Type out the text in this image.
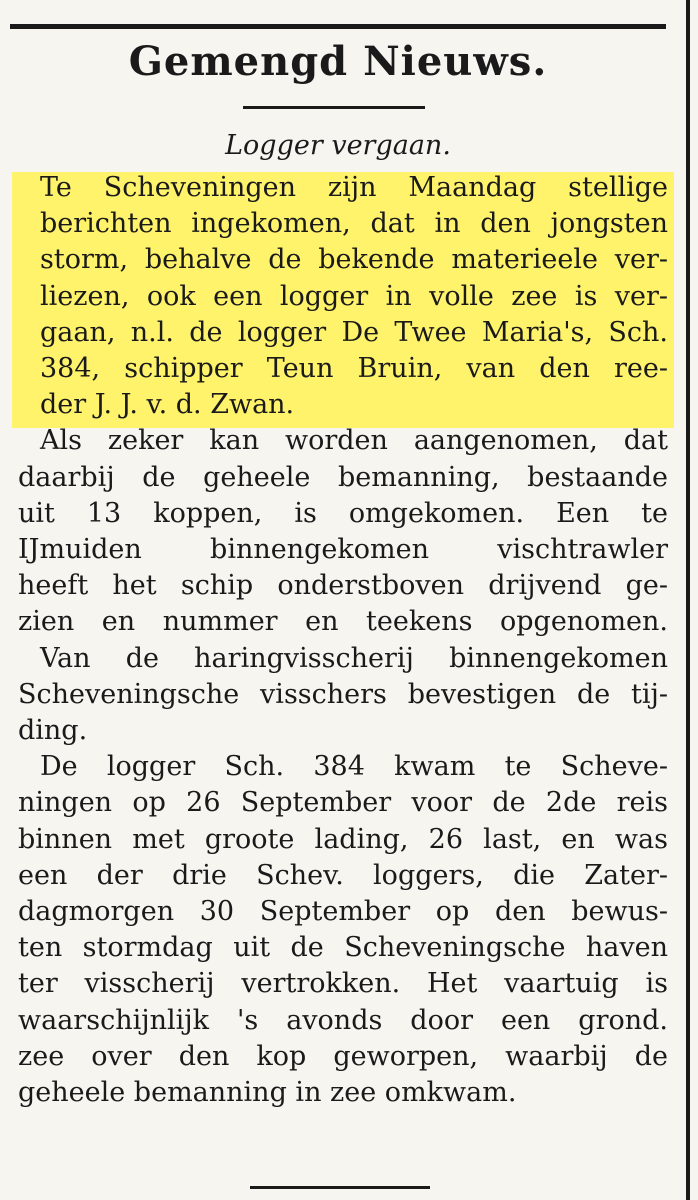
Gemengd Nieuws.
Logger vergaan.

Te Scheveningen zijn Maandag stellige
berichten ingekomen, dat in den jongsten
storm, behalve de bekende materieele ver-
liezen, ook een logger in volle zee is ver-
gaan, n.l. de logger De Twee Maria's, Sch.
384, schipper Teun Bruin, van den ree-
der J. J. v. d. Zwan.

Als zeker kan worden aangenomen, dat
daarbij de geheele bemanning, bestaande
uit 13 koppen, is omgekomen. Een te
IJmuiden binnengekomen vischtrawler
heeft het schip onderstboven drijvend ge-
zien en nummer en teekens opgenomen.

Van de haringvisscherij binnengekomen
Scheveningsche visschers bevestigen de tij-
ding.

De logger Sch. 384 kwam te Scheve-
ningen op 26 September voor de 2de reis
binnen met groote lading, 26 last, en was
een der drie Schev. loggers, die Zater-
dagmorgen 30 September op den bewus-
ten stormdag uit de Scheveningsche haven
ter visscherij vertrokken. Het vaartuig is
waarschijnlijk 's avonds door een grond.
zee over den kop geworpen, waarbij de
geheele bemanning in zee omkwam.
